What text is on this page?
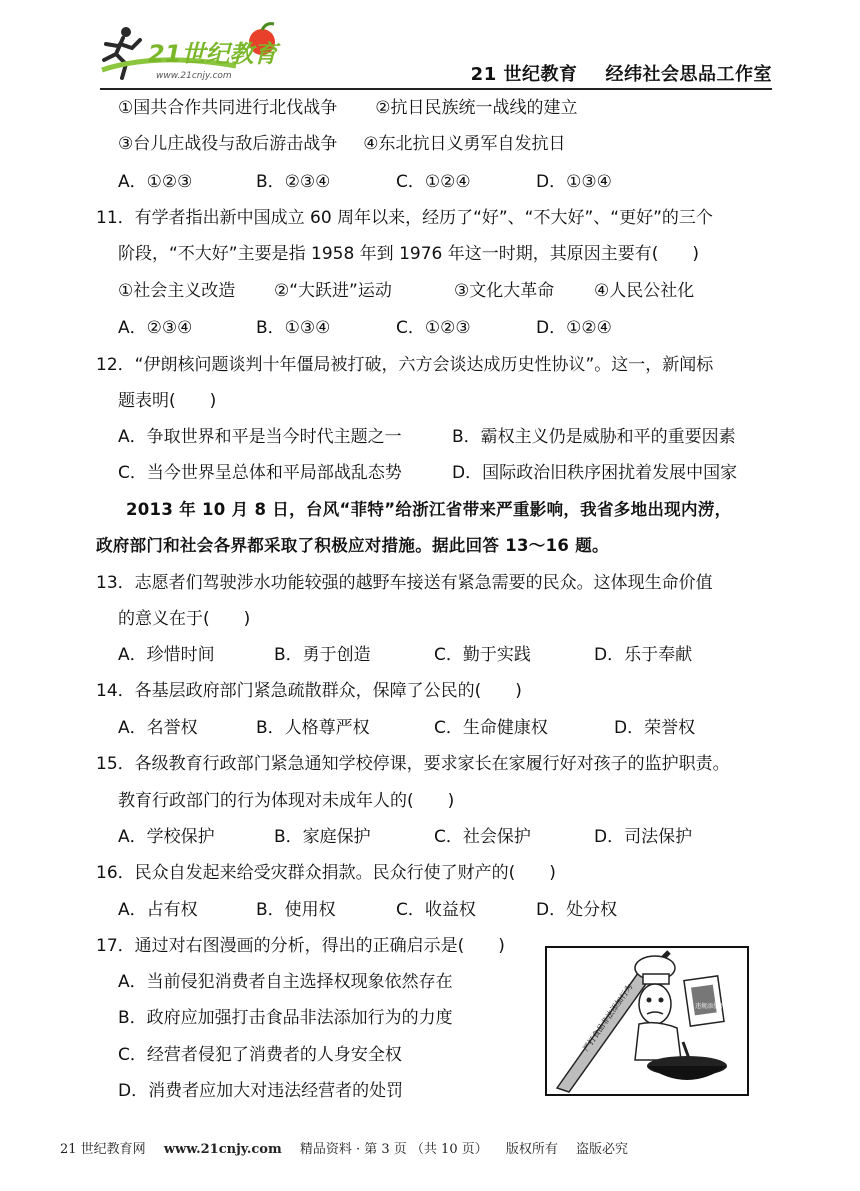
21世纪教育
www.21cnjy.com	21 世纪教育 经纬社会思品工作室
①国共合作共同进行北伐战争 ②抗日民族统一战线的建立
③台儿庄战役与敌后游击战争 ④东北抗日义勇军自发抗日
A．①②③	B．②③④	C．①②④	D．①③④
11．有学者指出新中国成立 60 周年以来，经历了“好”、“不大好”、“更好”的三个
阶段，“不大好”主要是指 1958 年到 1976 年这一时期，其原因主要有(　　)
①社会主义改造 ②“大跃进”运动	③文化大革命 ④人民公社化
A．②③④	B．①③④	C．①②③	D．①②④
12．“伊朗核问题谈判十年僵局被打破，六方会谈达成历史性协议”。这一，新闻标
题表明(　　)
A．争取世界和平是当今时代主题之一	B．霸权主义仍是威胁和平的重要因素
C．当今世界呈总体和平局部战乱态势	D．国际政治旧秩序困扰着发展中国家
2013 年 10 月 8 日，台风“菲特”给浙江省带来严重影响，我省多地出现内涝，
政府部门和社会各界都采取了积极应对措施。据此回答 13～16 题。
13．志愿者们驾驶涉水功能较强的越野车接送有紧急需要的民众。这体现生命价值
的意义在于(　　)
A．珍惜时间	B．勇于创造	C．勤于实践	D．乐于奉献
14．各基层政府部门紧急疏散群众，保障了公民的(　　)
A．名誉权	B．人格尊严权	C．生命健康权	D．荣誉权
15．各级教育行政部门紧急通知学校停课，要求家长在家履行好对孩子的监护职责。
教育行政部门的行为体现对未成年人的(　　)
A．学校保护	B．家庭保护	C．社会保护	D．司法保护
16．民众自发起来给受灾群众捐款。民众行使了财产的(　　)
A．占有权	B．使用权	C．收益权	D．处分权
17．通过对右图漫画的分析，得出的正确启示是(　　)
A．当前侵犯消费者自主选择权现象依然存在
B．政府应加强打击食品非法添加行为的力度
C．经营者侵犯了消费者的人身安全权
D．消费者应加大对违法经营者的处罚
严打食品非法添加行为	违规添加剂
21 世纪教育网 www.21cnjy.com 精品资料 · 第 3 页 （共 10 页） 版权所有 盗版必究
